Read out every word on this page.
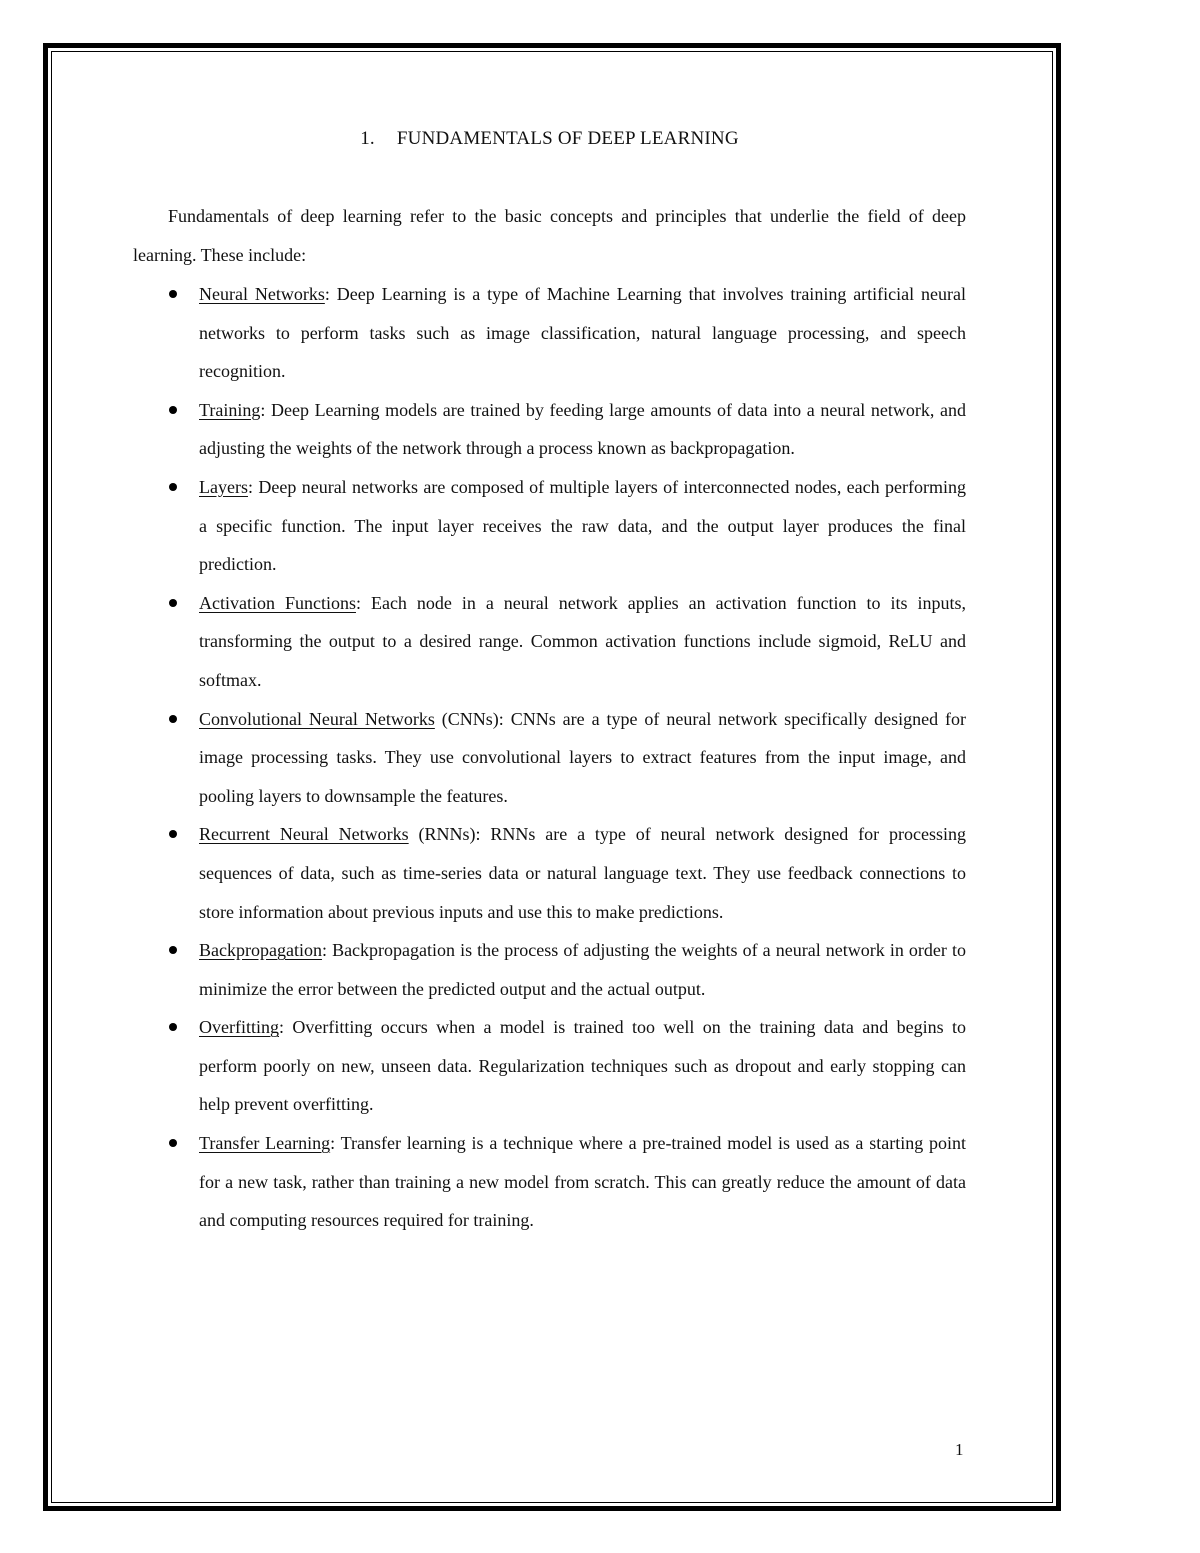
1. FUNDAMENTALS OF DEEP LEARNING

Fundamentals of deep learning refer to the basic concepts and principles that underlie the field of deep learning. These include:

Neural Networks: Deep Learning is a type of Machine Learning that involves training artificial neural networks to perform tasks such as image classification, natural language processing, and speech recognition.
Training: Deep Learning models are trained by feeding large amounts of data into a neural network, and adjusting the weights of the network through a process known as backpropagation.
Layers: Deep neural networks are composed of multiple layers of interconnected nodes, each performing a specific function. The input layer receives the raw data, and the output layer produces the final prediction.
Activation Functions: Each node in a neural network applies an activation function to its inputs, transforming the output to a desired range. Common activation functions include sigmoid, ReLU and softmax.
Convolutional Neural Networks (CNNs): CNNs are a type of neural network specifically designed for image processing tasks. They use convolutional layers to extract features from the input image, and pooling layers to downsample the features.
Recurrent Neural Networks (RNNs): RNNs are a type of neural network designed for processing sequences of data, such as time-series data or natural language text. They use feedback connections to store information about previous inputs and use this to make predictions.
Backpropagation: Backpropagation is the process of adjusting the weights of a neural network in order to minimize the error between the predicted output and the actual output.
Overfitting: Overfitting occurs when a model is trained too well on the training data and begins to perform poorly on new, unseen data. Regularization techniques such as dropout and early stopping can help prevent overfitting.
Transfer Learning: Transfer learning is a technique where a pre-trained model is used as a starting point for a new task, rather than training a new model from scratch. This can greatly reduce the amount of data and computing resources required for training.
1
